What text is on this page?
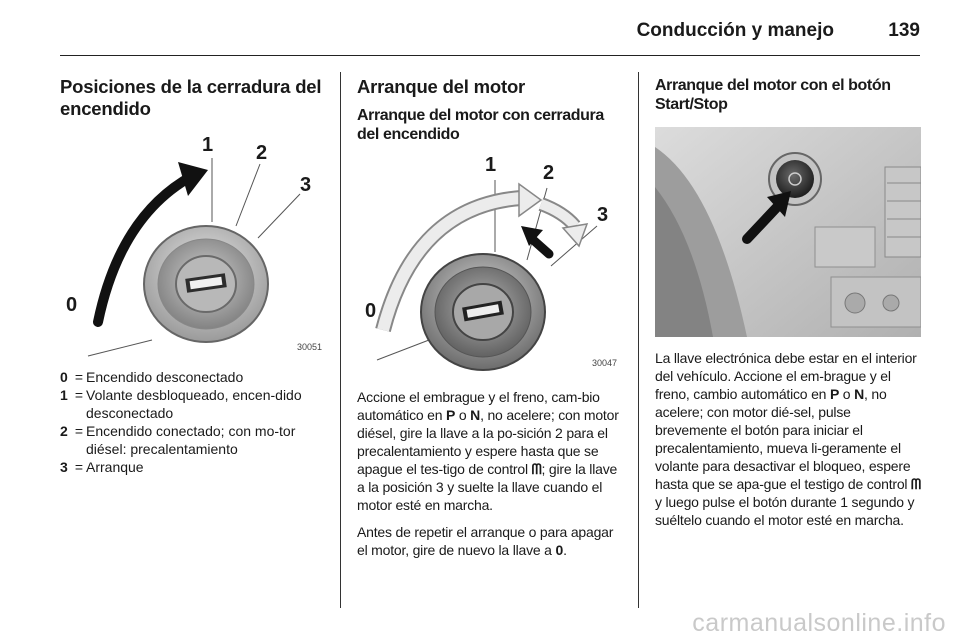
Conducción y manejo	139
Posiciones de la cerradura del encendido
0
1 2
3
30051
0 = Encendido desconectado
1 = Volante desbloqueado, encen-dido desconectado
2 = Encendido conectado; con mo-tor diésel: precalentamiento
3 = Arranque
Arranque del motor
Arranque del motor con cerradura del encendido
0
1 2
3
30047
Accione el embrague y el freno, cam-bio automático en P o N, no acelere; con motor diésel, gire la llave a la po-sición 2 para el precalentamiento y espere hasta que se apague el tes-tigo de control ᗰ; gire la llave a la posición 3 y suelte la llave cuando el motor esté en marcha.
Antes de repetir el arranque o para apagar el motor, gire de nuevo la llave a 0.
Arranque del motor con el botón Start/Stop
La llave electrónica debe estar en el interior del vehículo. Accione el em-brague y el freno, cambio automático en P o N, no acelere; con motor dié-sel, pulse brevemente el botón para iniciar el precalentamiento, mueva li-geramente el volante para desactivar el bloqueo, espere hasta que se apa-gue el testigo de control ᗰ y luego pulse el botón durante 1 segundo y suéltelo cuando el motor esté en marcha.
carmanualsonline.info
